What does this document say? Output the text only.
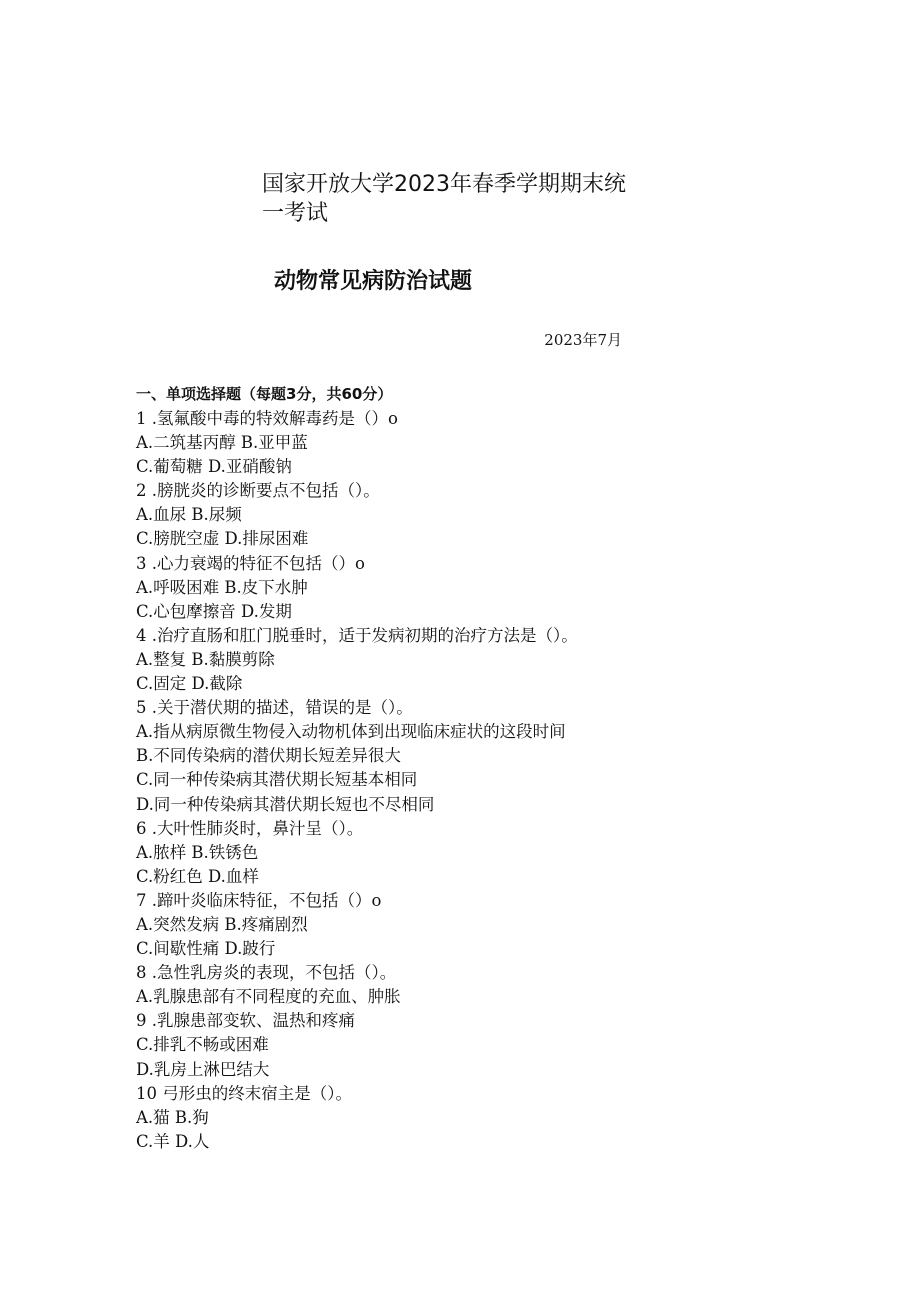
国家开放大学2023年春季学期期末统一考试
动物常见病防治试题
2023年7月
一、单项选择题（每题3分，共60分）
1 .氢氟酸中毒的特效解毒药是（）o
A.二筑基丙醇 B.亚甲蓝
C.葡萄糖 D.亚硝酸钠
2 .膀胱炎的诊断要点不包括（）。
A.血尿 B.尿频
C.膀胱空虚 D.排尿困难
3 .心力衰竭的特征不包括（）o
A.呼吸困难 B.皮下水肿
C.心包摩擦音 D.发期
4 .治疗直肠和肛门脱垂时，适于发病初期的治疗方法是（）。
A.整复 B.黏膜剪除
C.固定 D.截除
5 .关于潜伏期的描述，错误的是（）。
A.指从病原微生物侵入动物机体到出现临床症状的这段时间
B.不同传染病的潜伏期长短差异很大
C.同一种传染病其潜伏期长短基本相同
D.同一种传染病其潜伏期长短也不尽相同
6 .大叶性肺炎时，鼻汁呈（）。
A.脓样 B.铁锈色
C.粉红色 D.血样
7 .蹄叶炎临床特征，不包括（）o
A.突然发病 B.疼痛剧烈
C.间歇性痛 D.跛行
8 .急性乳房炎的表现，不包括（）。
A.乳腺患部有不同程度的充血、肿胀
9 .乳腺患部变软、温热和疼痛
C.排乳不畅或困难
D.乳房上淋巴结大
10 弓形虫的终末宿主是（）。
A.猫 B.狗
C.羊 D.人
